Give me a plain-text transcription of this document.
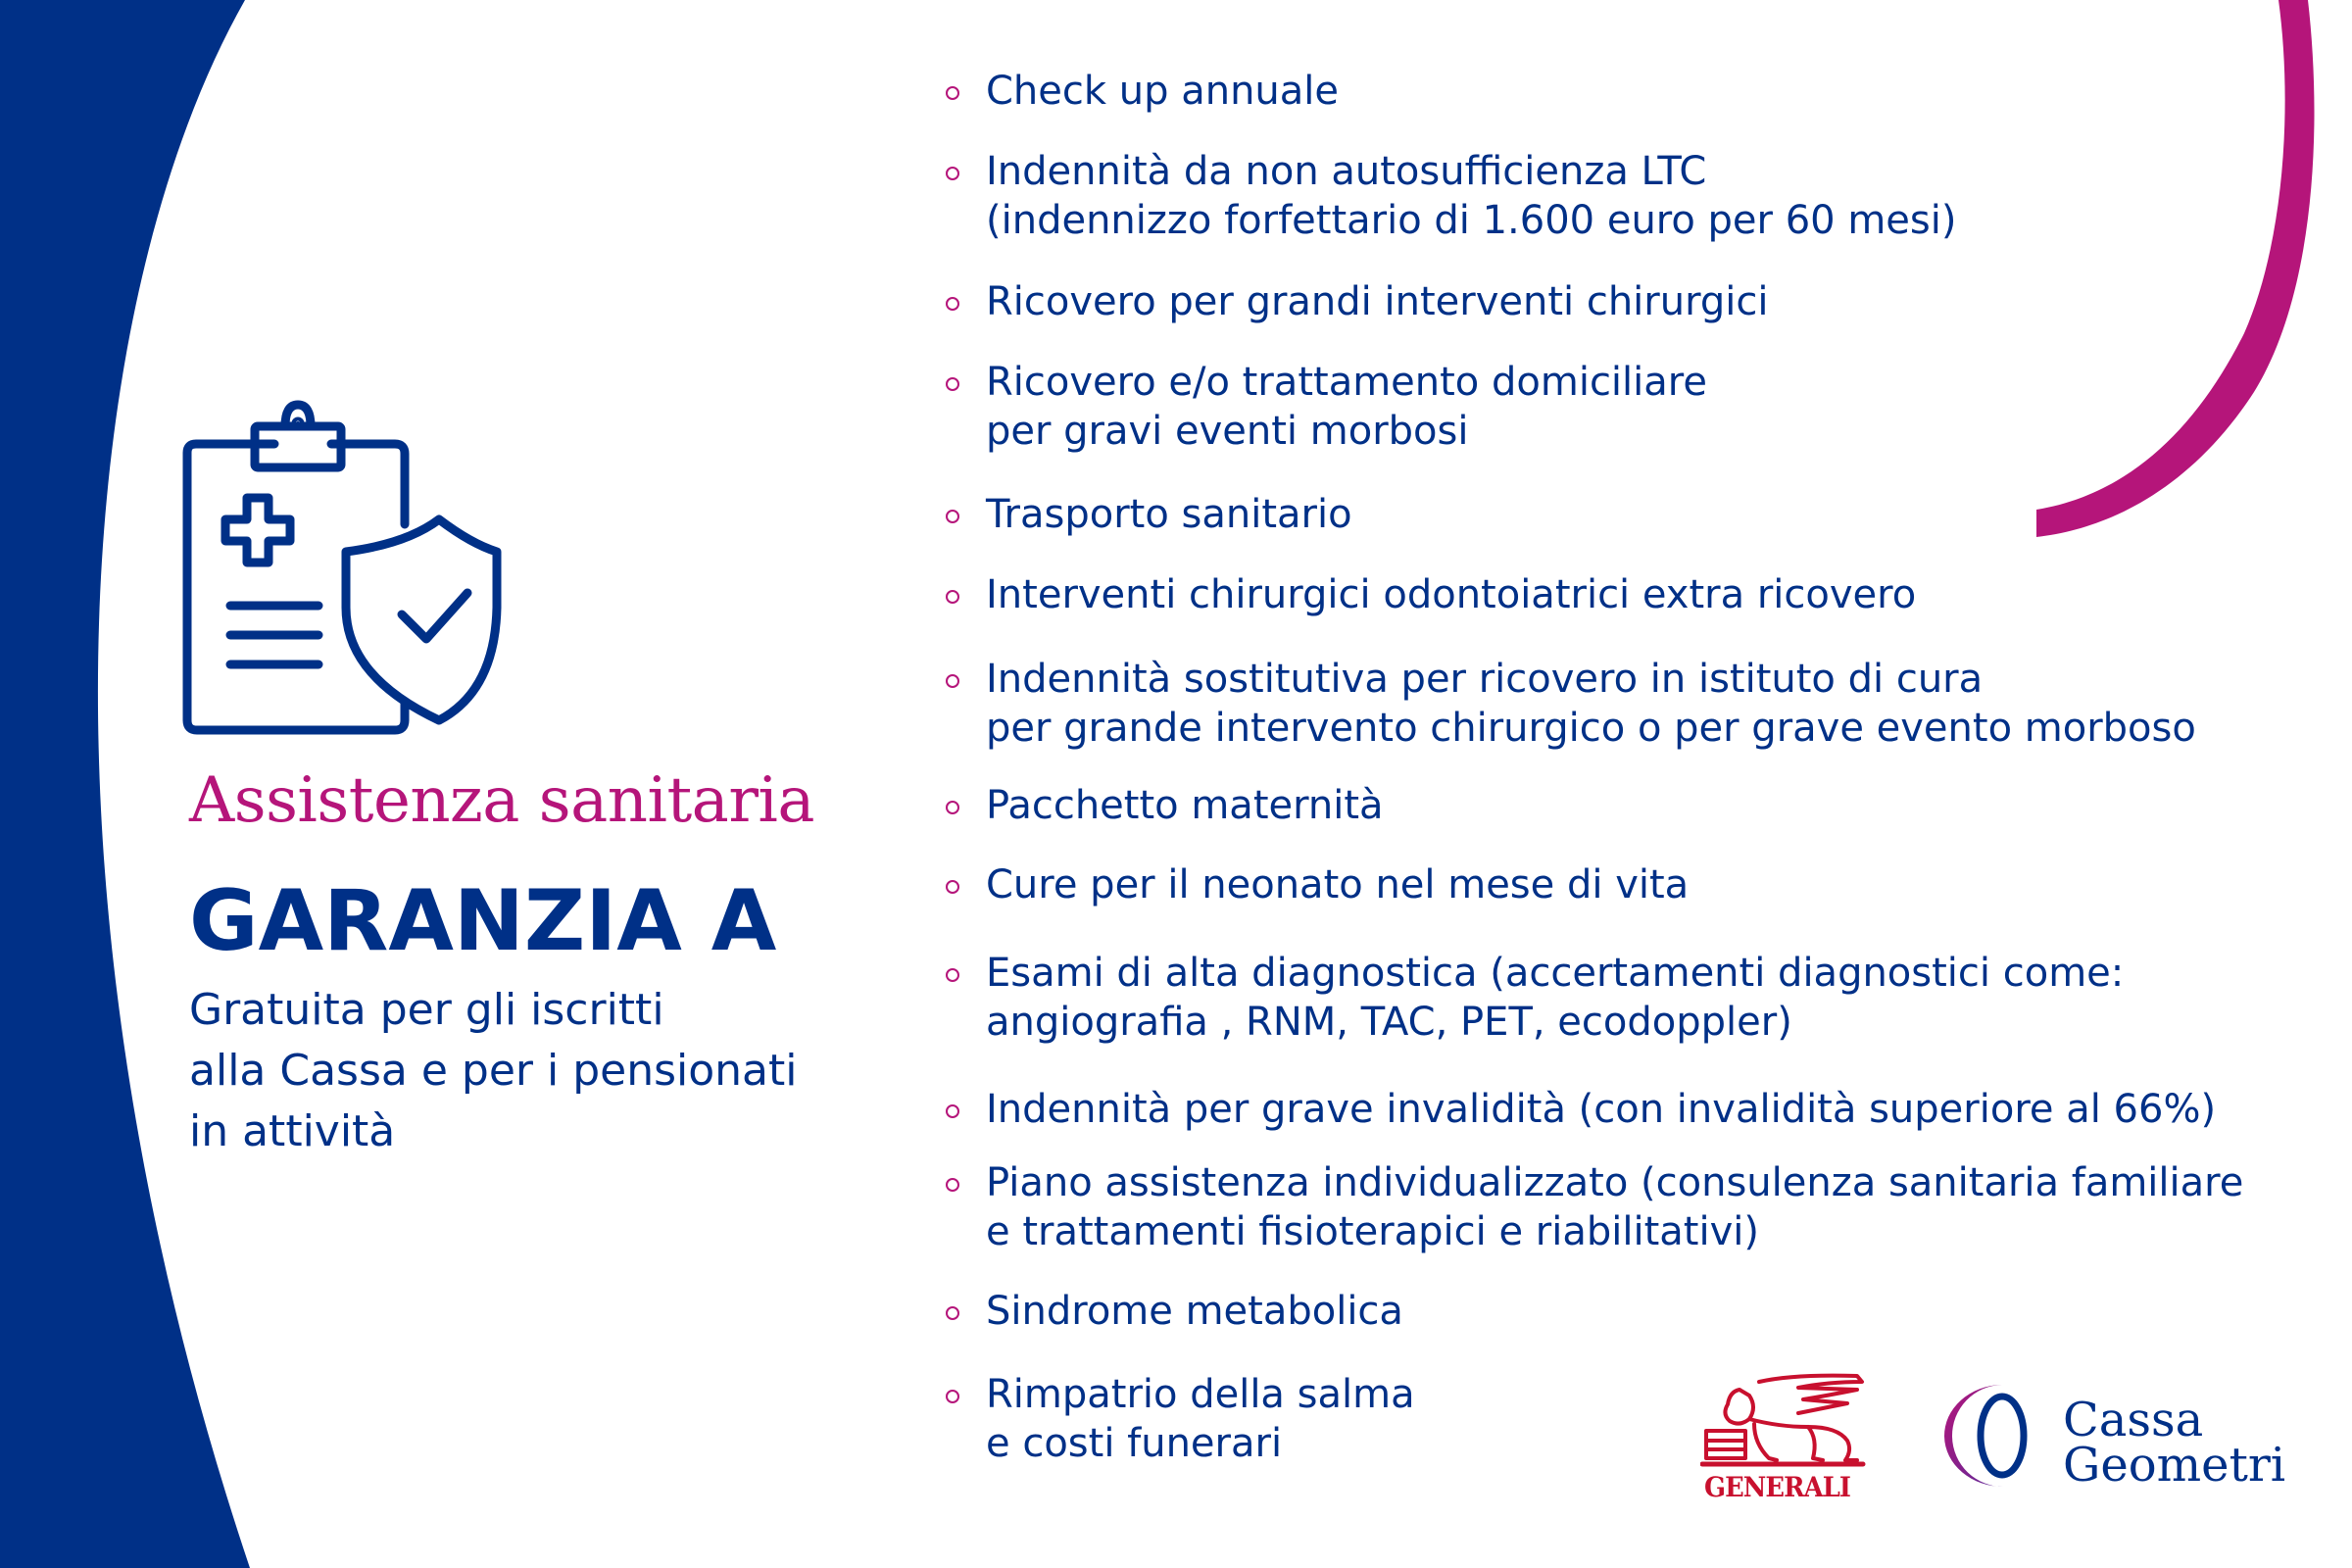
Assistenza sanitaria
GARANZIA A
Gratuita per gli iscritti
alla Cassa e per i pensionati
in attività
Check up annuale
Indennità da non autosufficienza LTC
(indennizzo forfettario di 1.600 euro per 60 mesi)
Ricovero per grandi interventi chirurgici
Ricovero e/o trattamento domiciliare
per gravi eventi morbosi
Trasporto sanitario
Interventi chirurgici odontoiatrici extra ricovero
Indennità sostitutiva per ricovero in istituto di cura
per grande intervento chirurgico o per grave evento morboso
Pacchetto maternità
Cure per il neonato nel mese di vita
Esami di alta diagnostica (accertamenti diagnostici come:
angiografia , RNM, TAC, PET, ecodoppler)
Indennità per grave invalidità (con invalidità superiore al 66%)
Piano assistenza individualizzato (consulenza sanitaria familiare
e trattamenti fisioterapici e riabilitativi)
Sindrome metabolica
Rimpatrio della salma
e costi funerari
GENERALI
Cassa
Geometri
